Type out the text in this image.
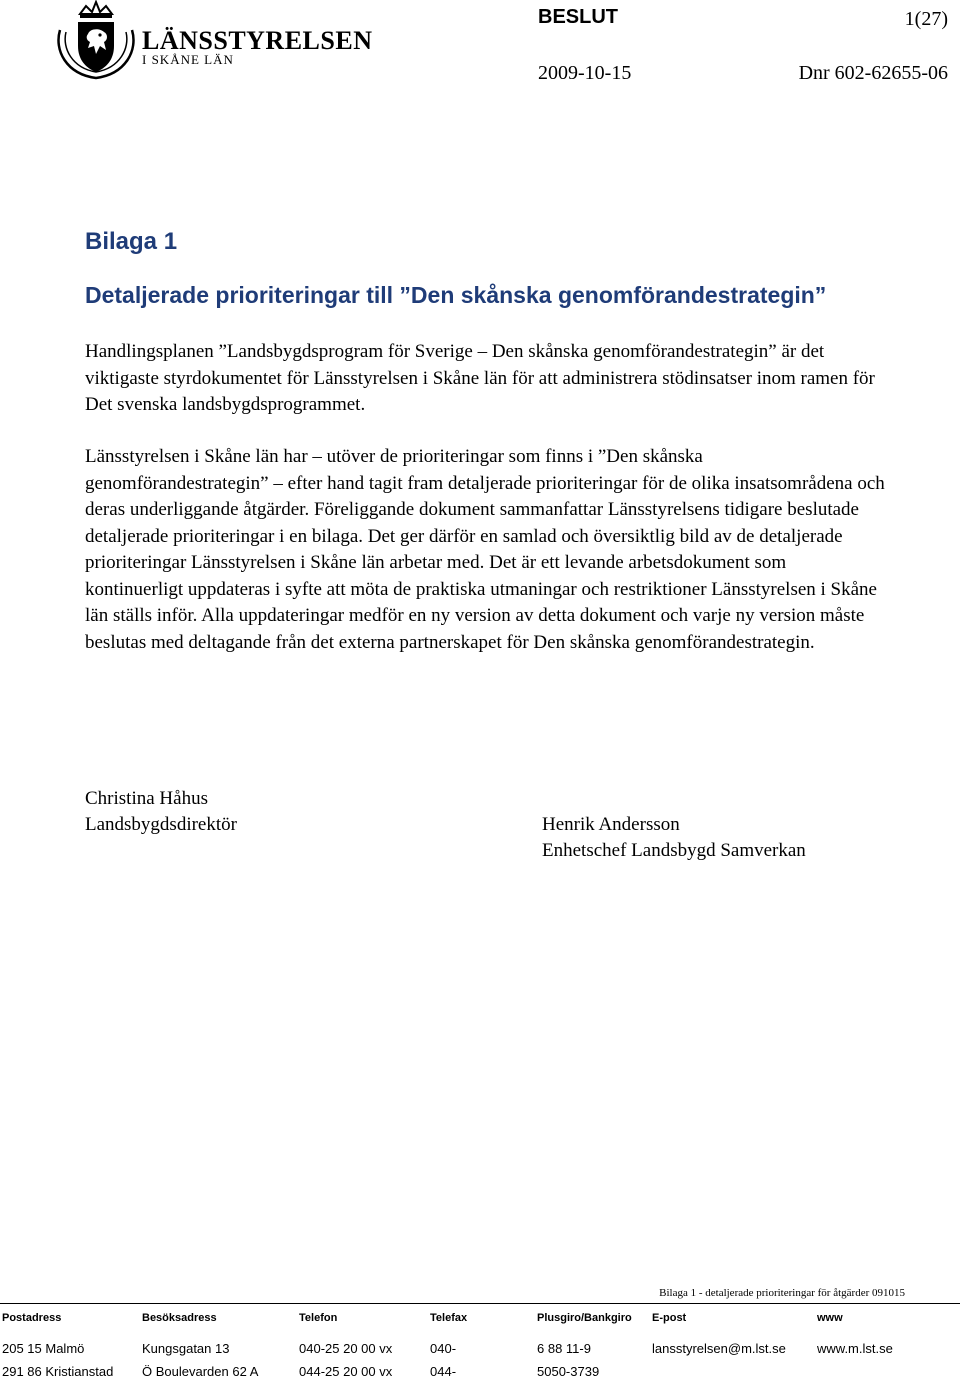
LÄNSSTYRELSEN
I SKÅNE LÄN
BESLUT	1(27)
2009-10-15	Dnr 602-62655-06
Bilaga 1
Detaljerade prioriteringar till ”Den skånska genomförandestrategin”
Handlingsplanen ”Landsbygdsprogram för Sverige – Den skånska genomförandestrategin” är det viktigaste styrdokumentet för Länsstyrelsen i Skåne län för att administrera stödinsatser inom ramen för Det svenska landsbygdsprogrammet.
Länsstyrelsen i Skåne län har – utöver de prioriteringar som finns i ”Den skånska genomförandestrategin” – efter hand tagit fram detaljerade prioriteringar för de olika insatsområdena och deras underliggande åtgärder. Föreliggande dokument sammanfattar Länsstyrelsens tidigare beslutade detaljerade prioriteringar i en bilaga. Det ger därför en samlad och översiktlig bild av de detaljerade prioriteringar Länsstyrelsen i Skåne län arbetar med. Det är ett levande arbetsdokument som kontinuerligt uppdateras i syfte att möta de praktiska utmaningar och restriktioner Länsstyrelsen i Skåne län ställs inför. Alla uppdateringar medför en ny version av detta dokument och varje ny version måste beslutas med deltagande från det externa partnerskapet för Den skånska genomförandestrategin.
Christina Håhus
Landsbygdsdirektör	Henrik Andersson
Enhetschef Landsbygd Samverkan
Bilaga 1 - detaljerade prioriteringar för åtgärder 091015
Postadress	Besöksadress	Telefon	Telefax	Plusgiro/Bankgiro	E-post	www

205 15 Malmö	Kungsgatan 13	040-25 20 00 vx	040-	6 88 11-9	lansstyrelsen@m.lst.se	www.m.lst.se
291 86 Kristianstad	Ö Boulevarden 62 A	044-25 20 00 vx	044-	5050-3739		
